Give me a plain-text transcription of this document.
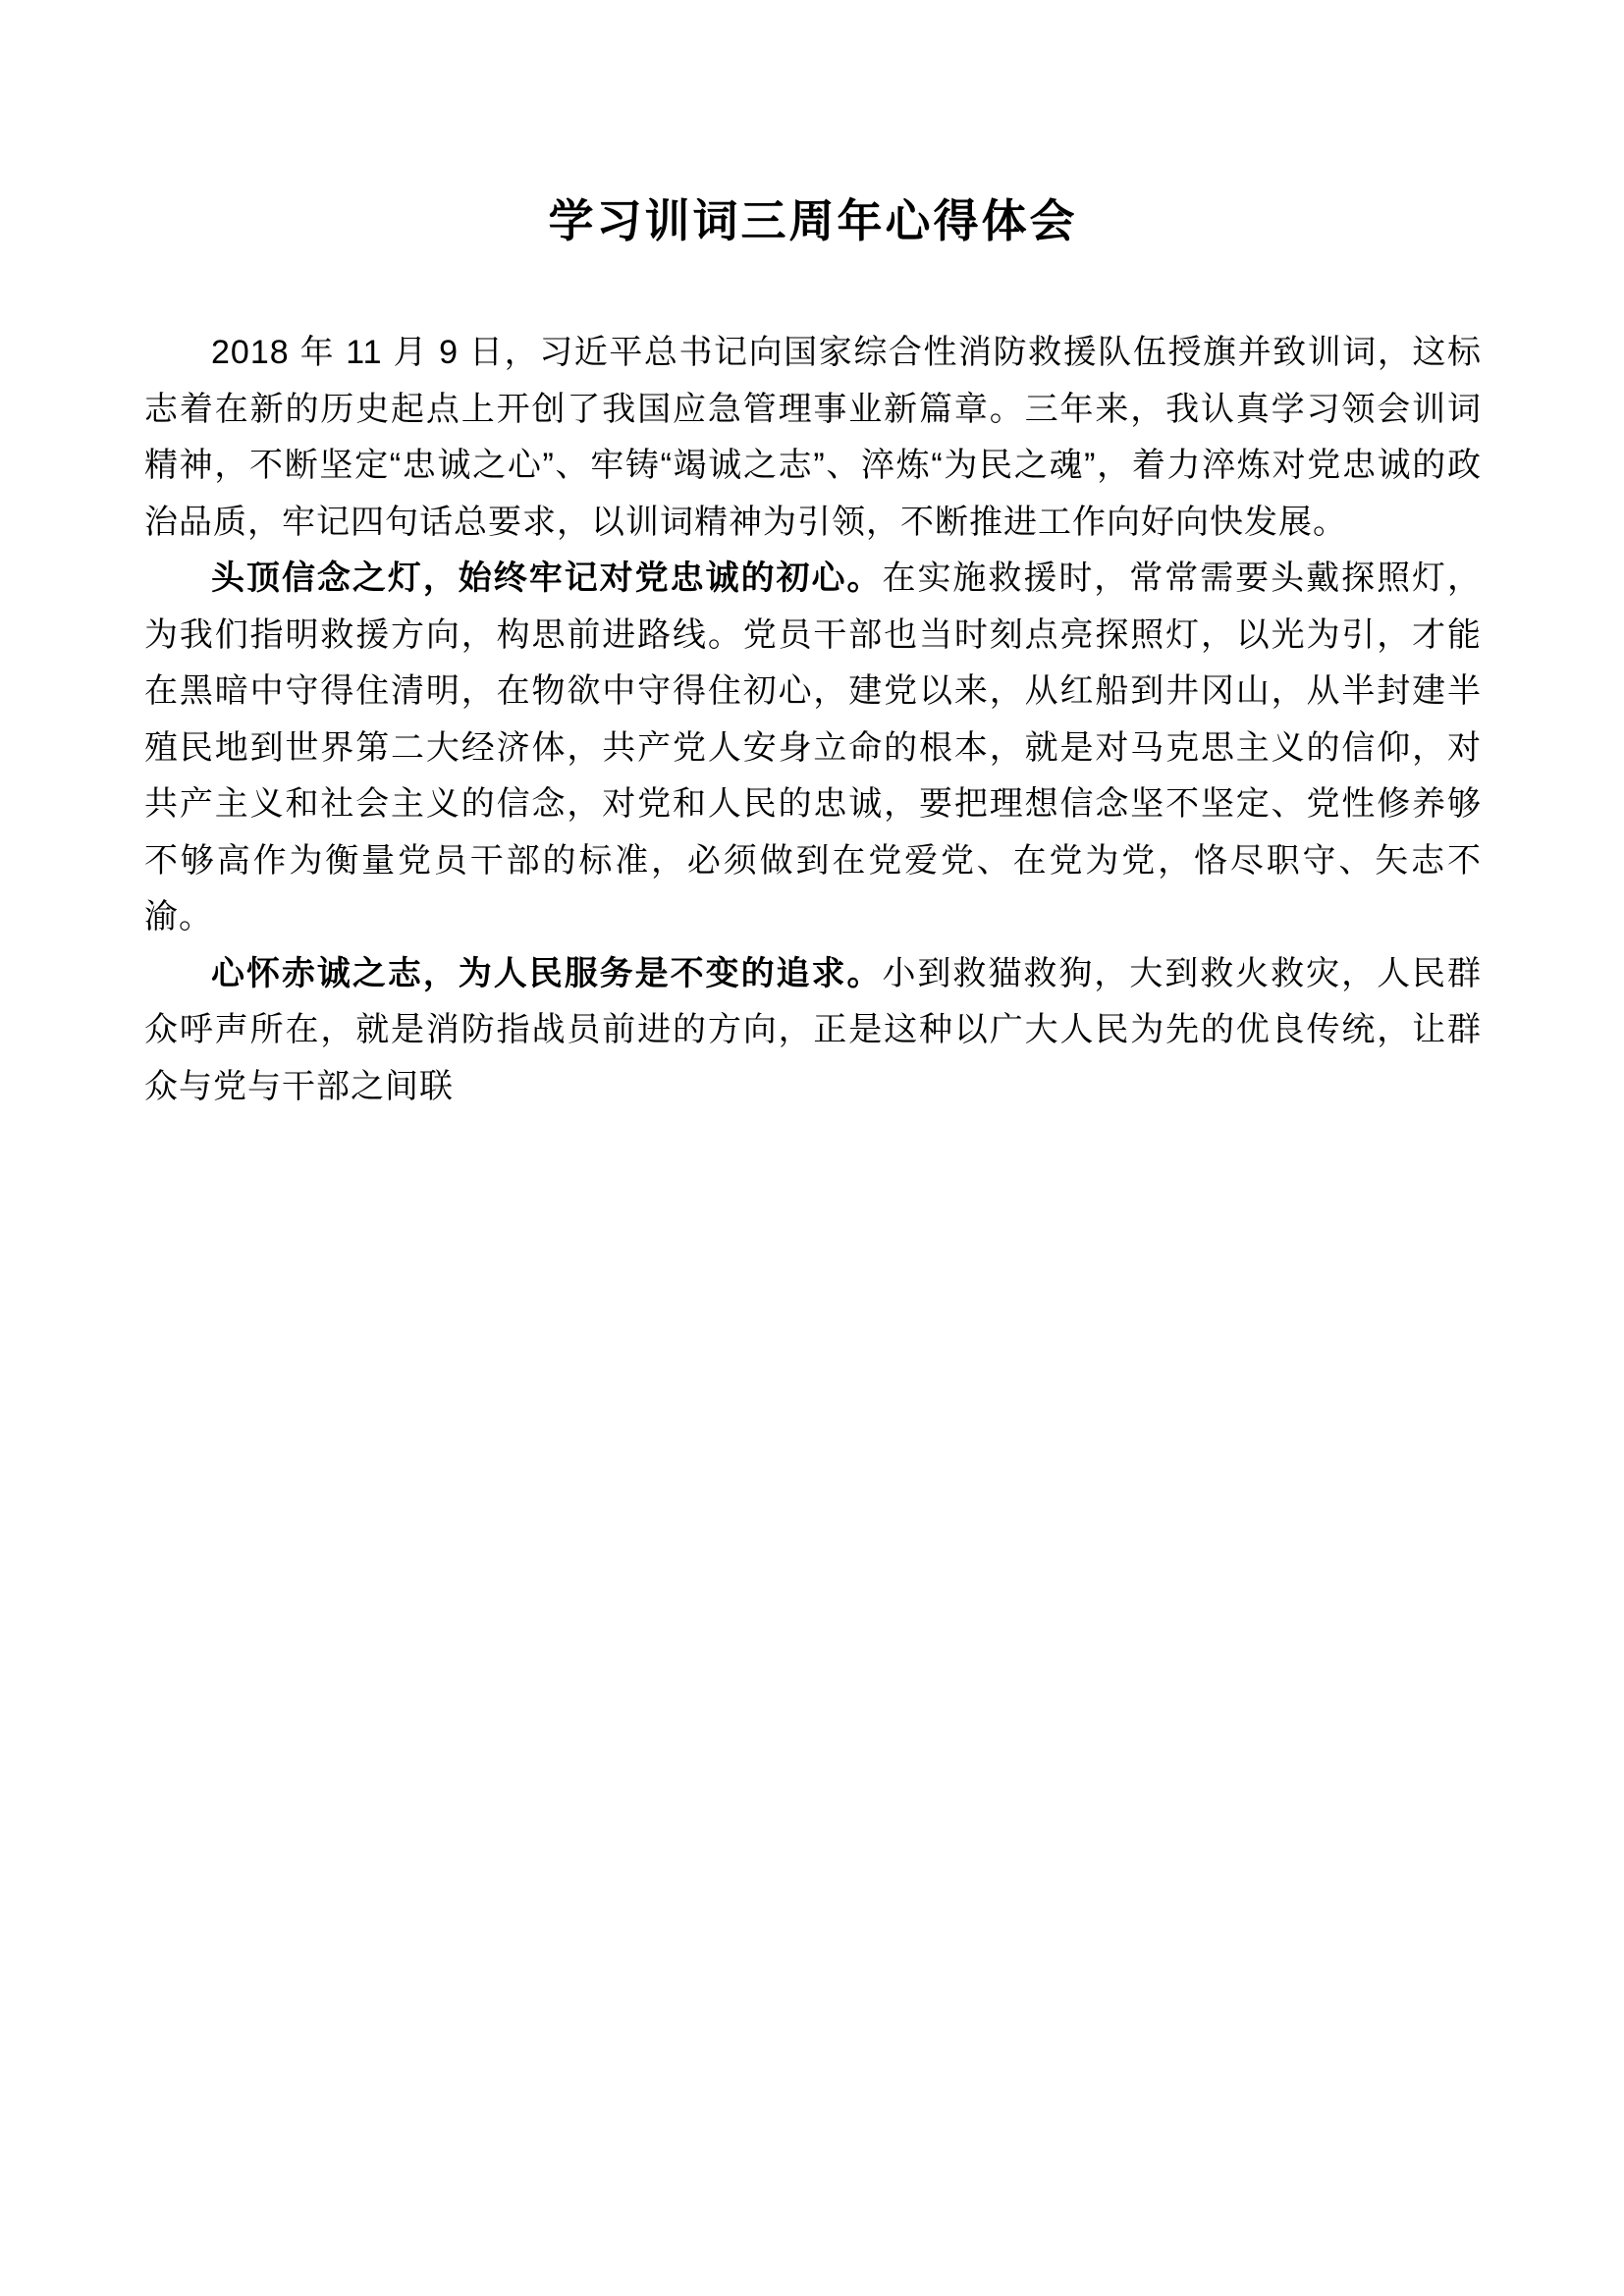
学习训词三周年心得体会

2018 年 11 月 9 日，习近平总书记向国家综合性消防救援队伍授旗并致训词，这标志着在新的历史起点上开创了我国应急管理事业新篇章。三年来，我认真学习领会训词精神，不断坚定“忠诚之心”、牢铸“竭诚之志”、淬炼“为民之魂”，着力淬炼对党忠诚的政治品质，牢记四句话总要求，以训词精神为引领，不断推进工作向好向快发展。

头顶信念之灯，始终牢记对党忠诚的初心。在实施救援时，常常需要头戴探照灯，为我们指明救援方向，构思前进路线。党员干部也当时刻点亮探照灯，以光为引，才能在黑暗中守得住清明，在物欲中守得住初心，建党以来，从红船到井冈山，从半封建半殖民地到世界第二大经济体，共产党人安身立命的根本，就是对马克思主义的信仰，对共产主义和社会主义的信念，对党和人民的忠诚，要把理想信念坚不坚定、党性修养够不够高作为衡量党员干部的标准，必须做到在党爱党、在党为党，恪尽职守、矢志不渝。

心怀赤诚之志，为人民服务是不变的追求。小到救猫救狗，大到救火救灾，人民群众呼声所在，就是消防指战员前进的方向，正是这种以广大人民为先的优良传统，让群众与党与干部之间联
